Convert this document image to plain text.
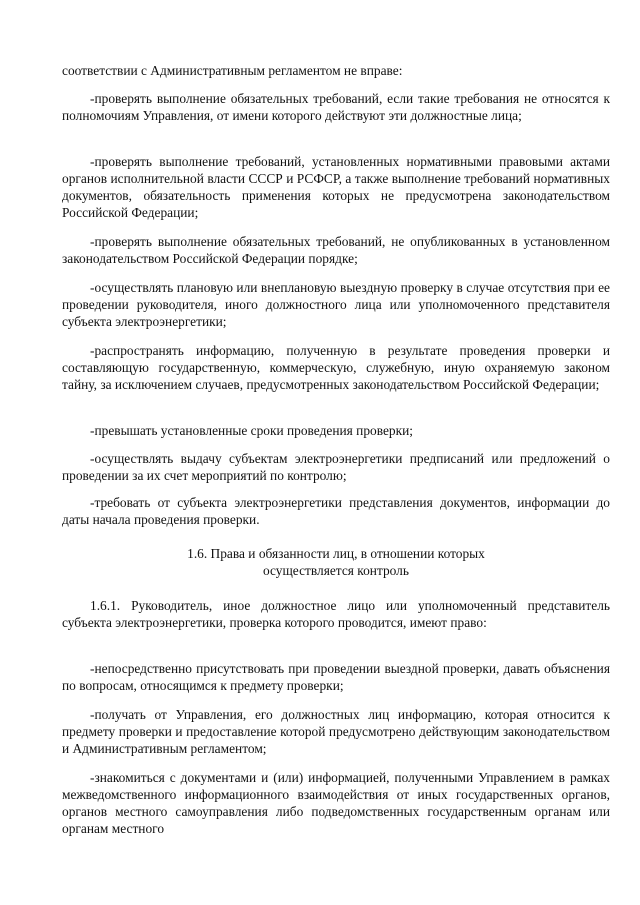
соответствии с Административным регламентом не вправе:

-проверять выполнение обязательных требований, если такие требования не относятся к полномочиям Управления, от имени которого действуют эти должностные лица;

-проверять выполнение требований, установленных нормативными правовыми актами органов исполнительной власти СССР и РСФСР, а также выполнение требований нормативных документов, обязательность применения которых не предусмотрена законодательством Российской Федерации;

-проверять выполнение обязательных требований, не опубликованных в установленном законодательством Российской Федерации порядке;

-осуществлять плановую или внеплановую выездную проверку в случае отсутствия при ее проведении руководителя, иного должностного лица или уполномоченного представителя субъекта электроэнергетики;

-распространять информацию, полученную в результате проведения проверки и составляющую государственную, коммерческую, служебную, иную охраняемую законом тайну, за исключением случаев, предусмотренных законодательством Российской Федерации;

-превышать установленные сроки проведения проверки;

-осуществлять выдачу субъектам электроэнергетики предписаний или предложений о проведении за их счет мероприятий по контролю;

-требовать от субъекта электроэнергетики представления документов, информации до даты начала проведения проверки.

1.6. Права и обязанности лиц, в отношении которых
осуществляется контроль

1.6.1. Руководитель, иное должностное лицо или уполномоченный представитель субъекта электроэнергетики, проверка которого проводится, имеют право:

-непосредственно присутствовать при проведении выездной проверки, давать объяснения по вопросам, относящимся к предмету проверки;

-получать от Управления, его должностных лиц информацию, которая относится к предмету проверки и предоставление которой предусмотрено действующим законодательством и Административным регламентом;

-знакомиться с документами и (или) информацией, полученными Управлением в рамках межведомственного информационного взаимодействия от иных государственных органов, органов местного самоуправления либо подведомственных государственным органам или органам местного
